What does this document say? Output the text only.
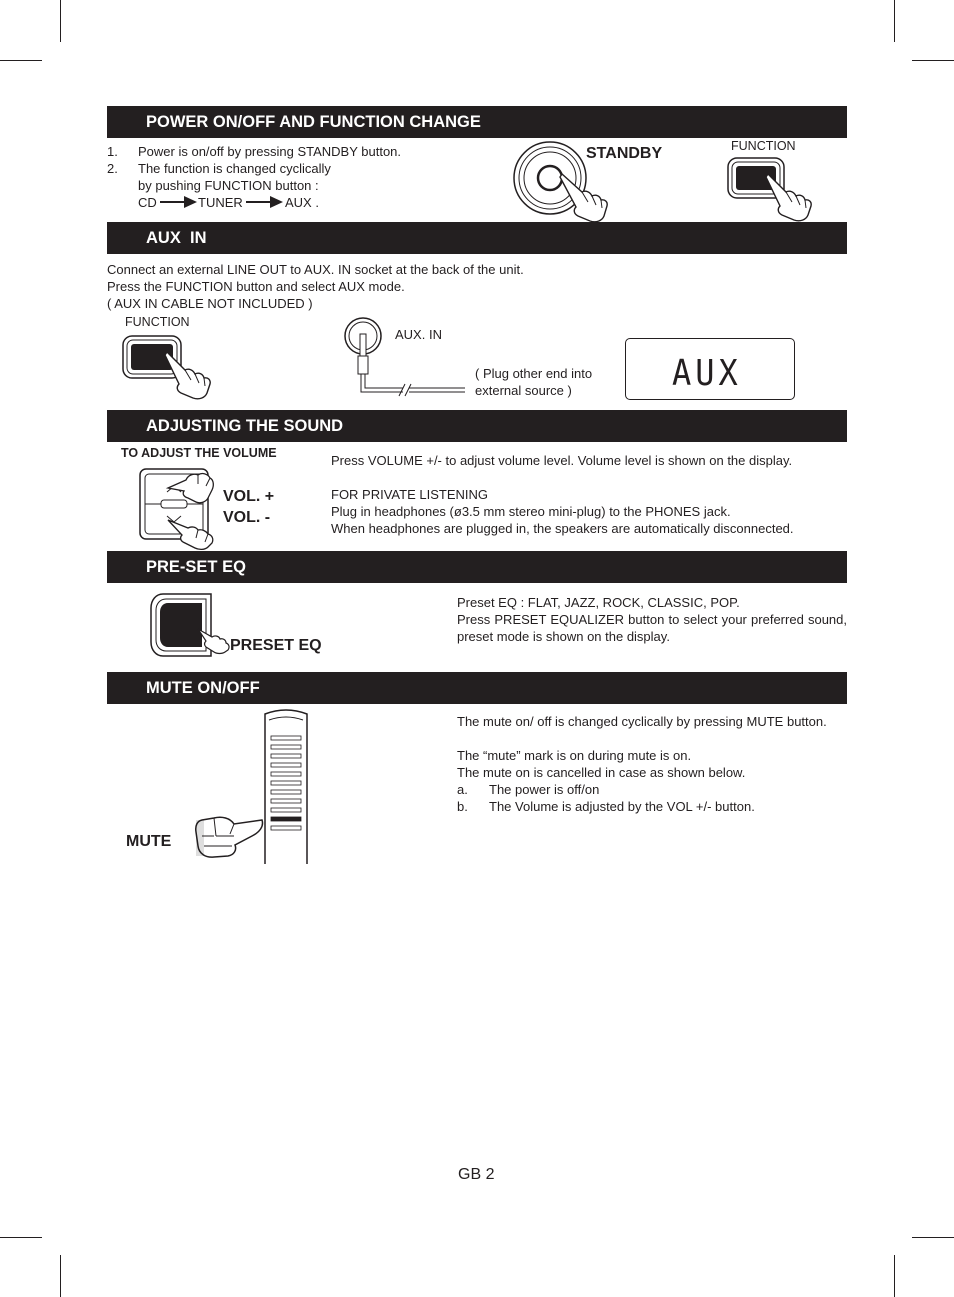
POWER ON/OFF AND FUNCTION CHANGE
1. Power is on/off by pressing STANDBY button.
2. The function is changed cyclically
by pushing FUNCTION button :
CD	TUNER	AUX .
STANDBY	FUNCTION
AUX  IN
Connect an external LINE OUT to AUX. IN socket at the back of the unit.
Press the FUNCTION button and select AUX mode.
( AUX IN CABLE NOT INCLUDED )
FUNCTION
AUX. IN
( Plug other end into
external source )	AUX
ADJUSTING THE SOUND
TO ADJUST THE VOLUME
VOL. +
VOL. -
Press VOLUME +/- to adjust volume level. Volume level is shown on the display.
FOR PRIVATE LISTENING
Plug in headphones (ø3.5 mm stereo mini-plug) to the PHONES jack.
When headphones are plugged in, the speakers are automatically disconnected.
PRE-SET EQ
PRESET EQ
Preset EQ : FLAT, JAZZ, ROCK, CLASSIC, POP.
Press PRESET EQUALIZER button to select your preferred sound, preset mode is shown on the display.
MUTE ON/OFF
MUTE
The mute on/ off is changed cyclically by pressing MUTE button.
The “mute” mark is on during mute is on.
The mute on is cancelled in case as shown below.
a. The power is off/on
b. The Volume is adjusted by the VOL +/- button.
GB 2
